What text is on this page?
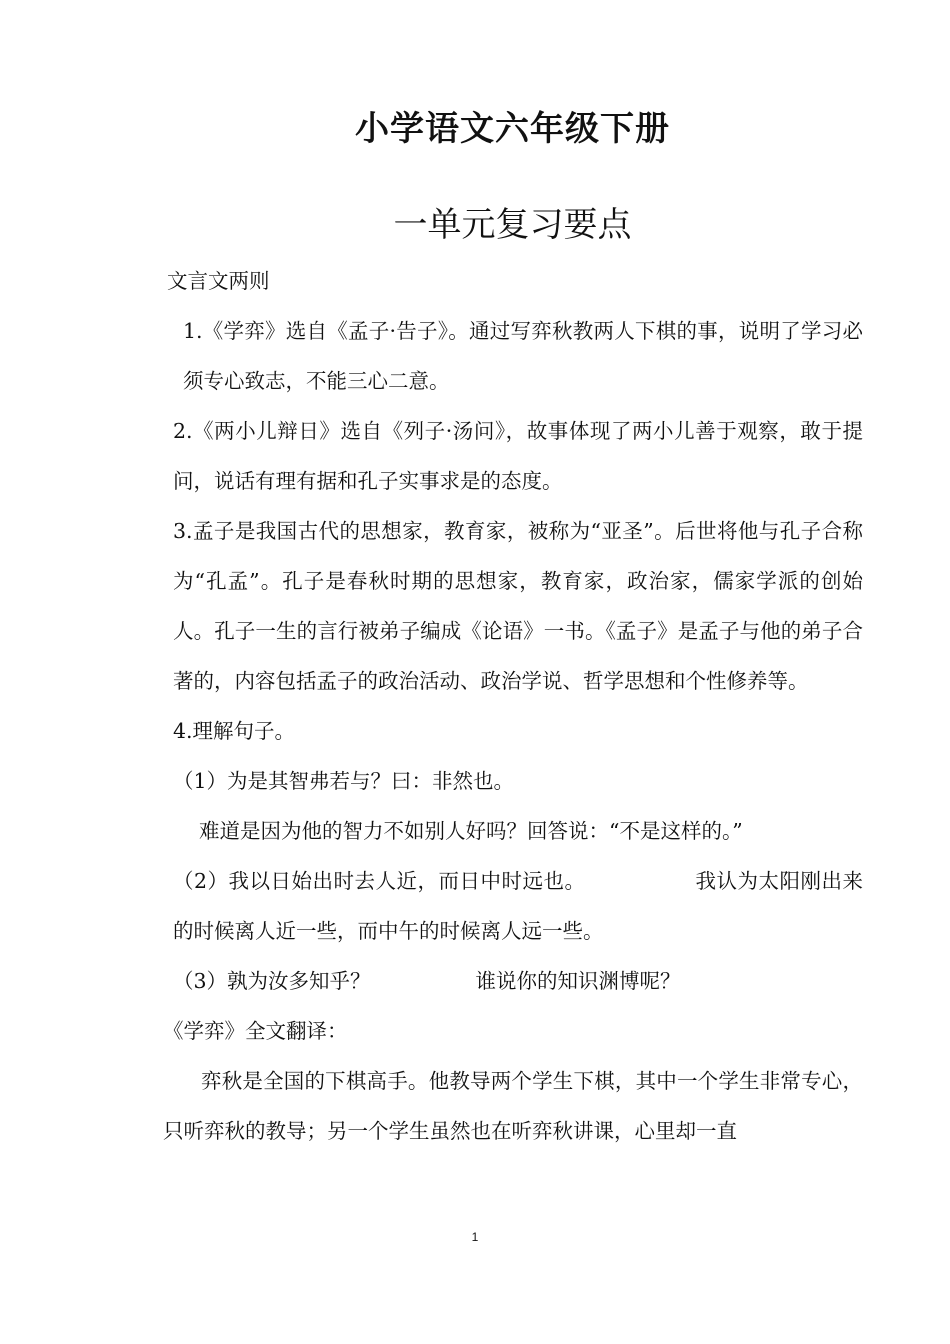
小学语文六年级下册
一单元复习要点

文言文两则

1.《学弈》选自《孟子·告子》。通过写弈秋教两人下棋的事，说明了学习必须专心致志，不能三心二意。

2.《两小儿辩日》选自《列子·汤问》，故事体现了两小儿善于观察，敢于提问，说话有理有据和孔子实事求是的态度。

3.孟子是我国古代的思想家，教育家，被称为“亚圣”。后世将他与孔子合称为“孔孟”。孔子是春秋时期的思想家，教育家，政治家，儒家学派的创始人。孔子一生的言行被弟子编成《论语》一书。《孟子》是孟子与他的弟子合著的，内容包括孟子的政治活动、政治学说、哲学思想和个性修养等。

4.理解句子。

（1）为是其智弗若与？曰：非然也。

难道是因为他的智力不如别人好吗？回答说：“不是这样的。”

（2）我以日始出时去人近，而日中时远也。	我认为太阳刚出来的时候离人近一些，而中午的时候离人远一些。

（3）孰为汝多知乎？	谁说你的知识渊博呢？

《学弈》全文翻译：

弈秋是全国的下棋高手。他教导两个学生下棋，其中一个学生非常专心，只听弈秋的教导；另一个学生虽然也在听弈秋讲课，心里却一直

1
